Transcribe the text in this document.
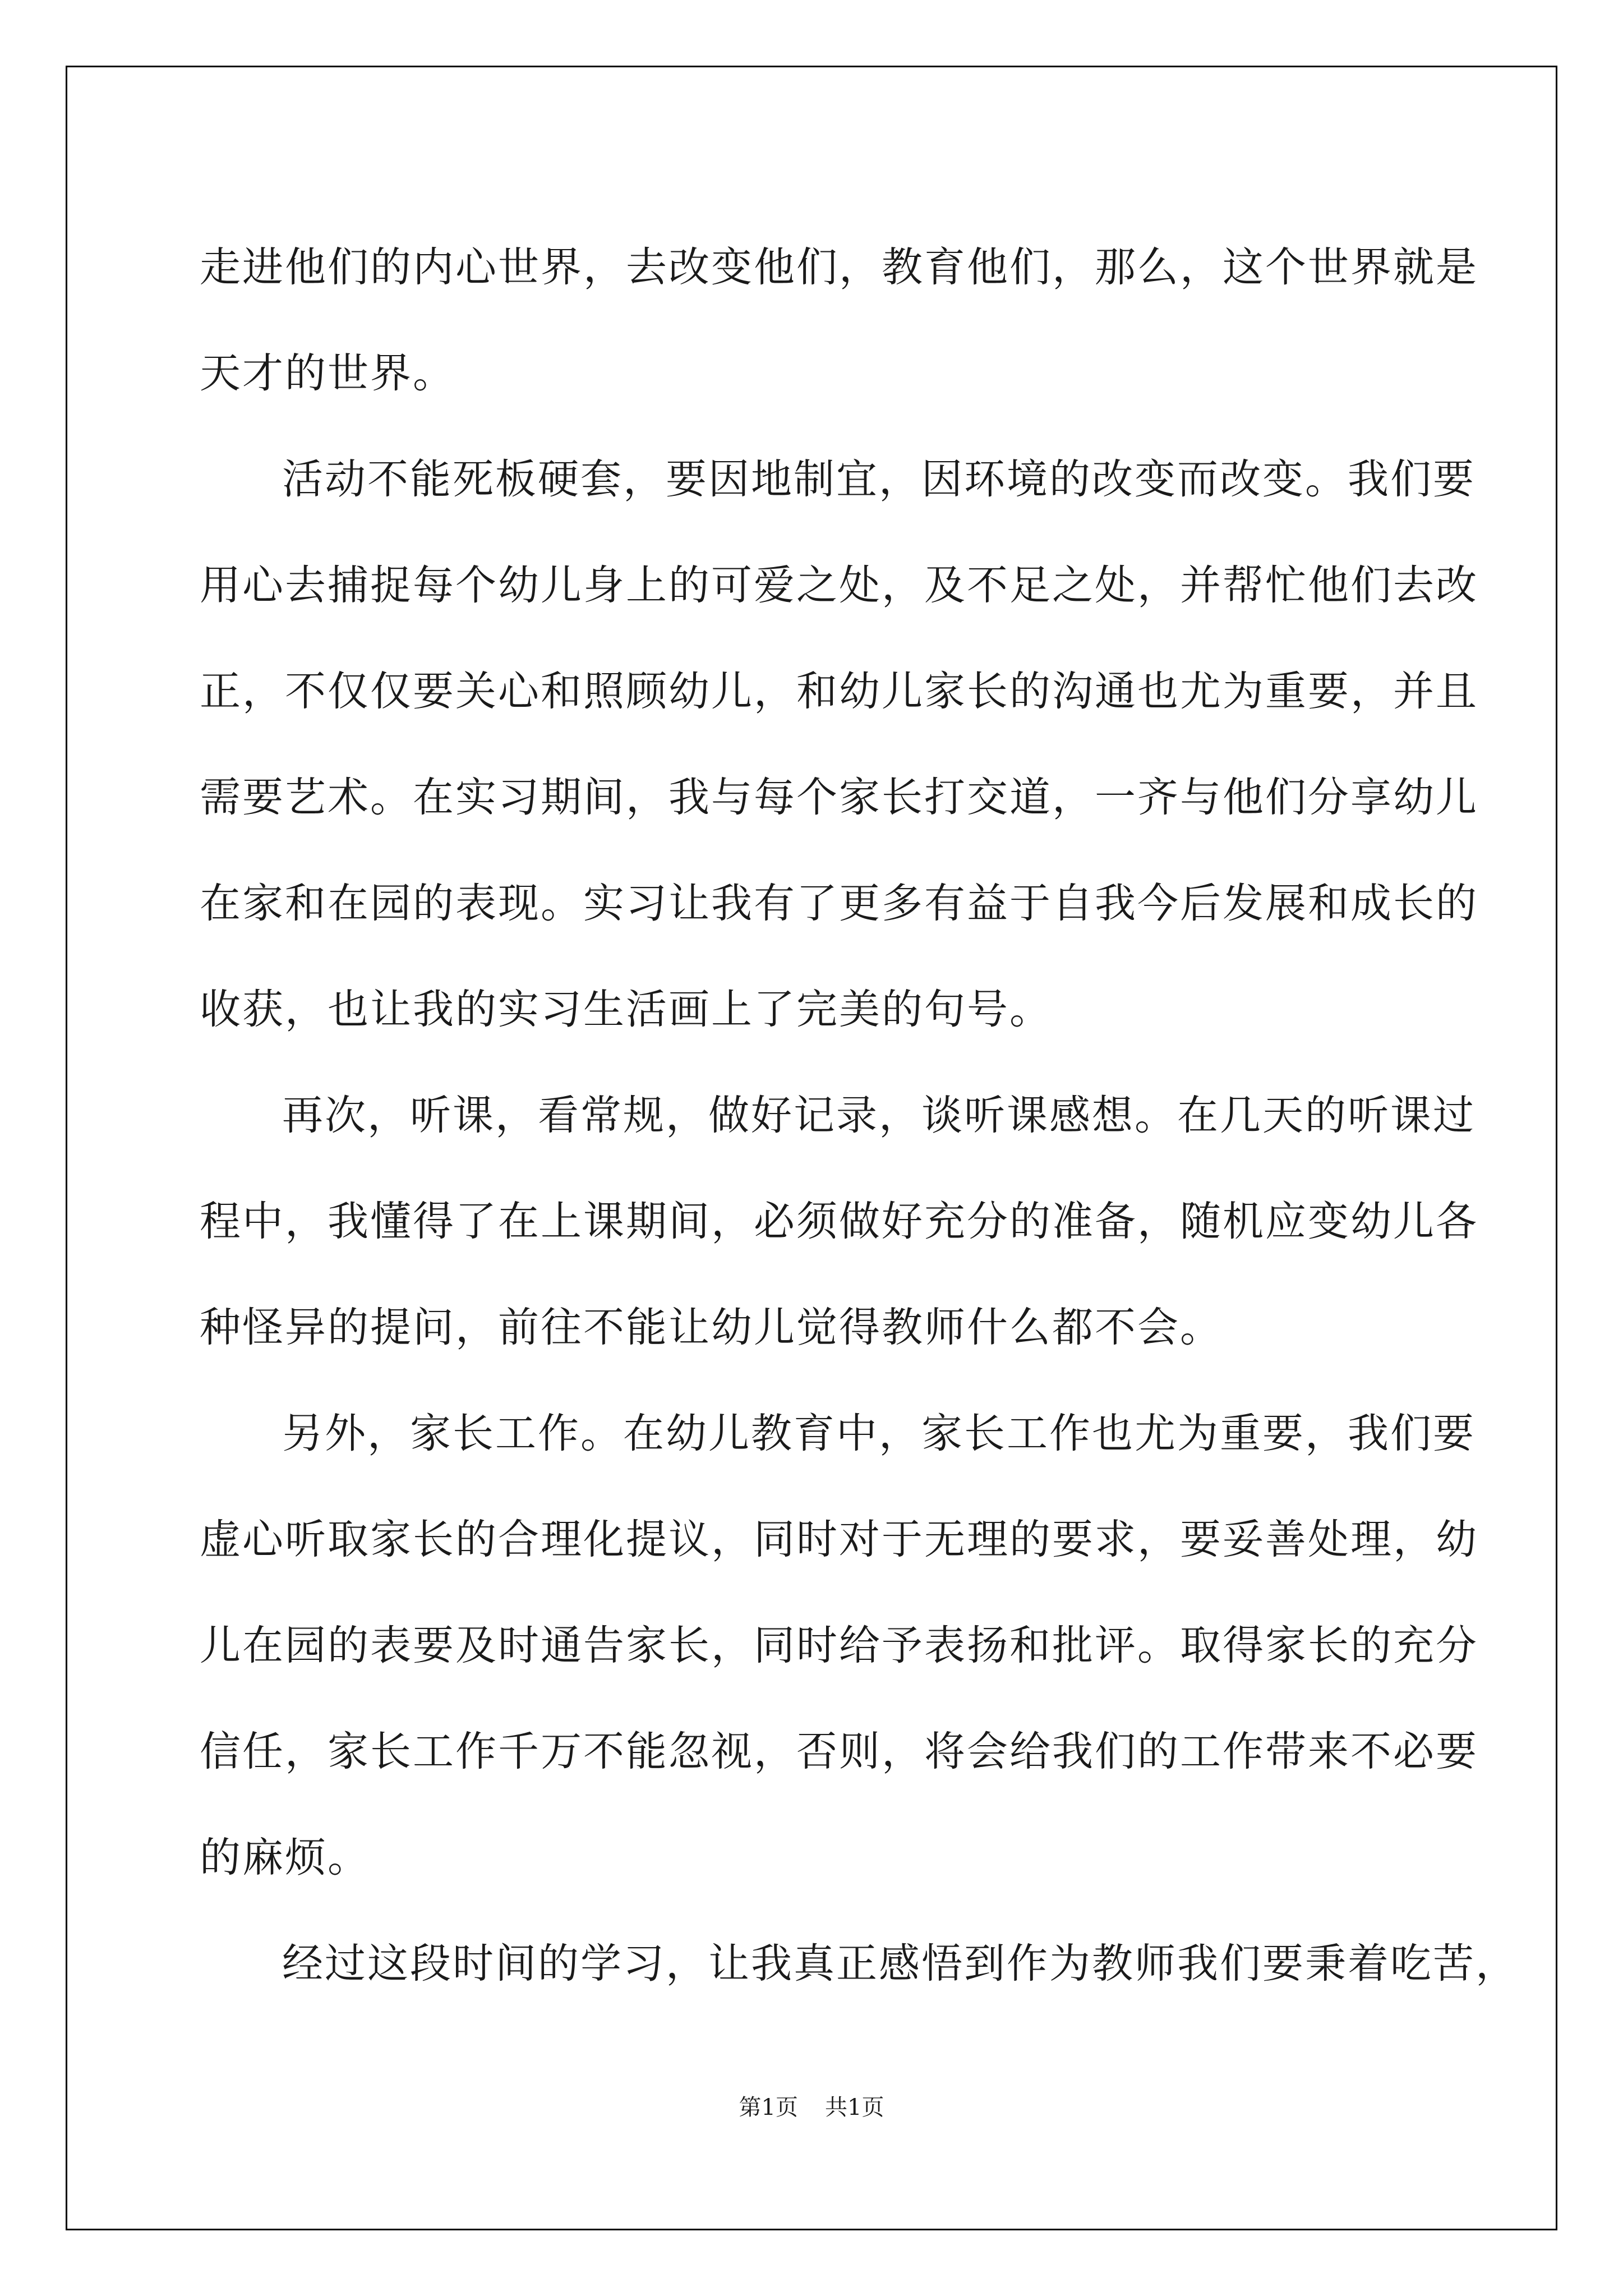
走进他们的内心世界，去改变他们，教育他们，那么，这个世界就是
天才的世界。
活动不能死板硬套，要因地制宜，因环境的改变而改变。我们要
用心去捕捉每个幼儿身上的可爱之处，及不足之处，并帮忙他们去改
正，不仅仅要关心和照顾幼儿，和幼儿家长的沟通也尤为重要，并且
需要艺术。在实习期间，我与每个家长打交道，一齐与他们分享幼儿
在家和在园的表现。实习让我有了更多有益于自我今后发展和成长的
收获，也让我的实习生活画上了完美的句号。
再次，听课，看常规，做好记录，谈听课感想。在几天的听课过
程中，我懂得了在上课期间，必须做好充分的准备，随机应变幼儿各
种怪异的提问，前往不能让幼儿觉得教师什么都不会。
另外，家长工作。在幼儿教育中，家长工作也尤为重要，我们要
虚心听取家长的合理化提议，同时对于无理的要求，要妥善处理，幼
儿在园的表要及时通告家长，同时给予表扬和批评。取得家长的充分
信任，家长工作千万不能忽视，否则，将会给我们的工作带来不必要
的麻烦。
经过这段时间的学习，让我真正感悟到作为教师我们要秉着吃苦，
第1页 共1页
